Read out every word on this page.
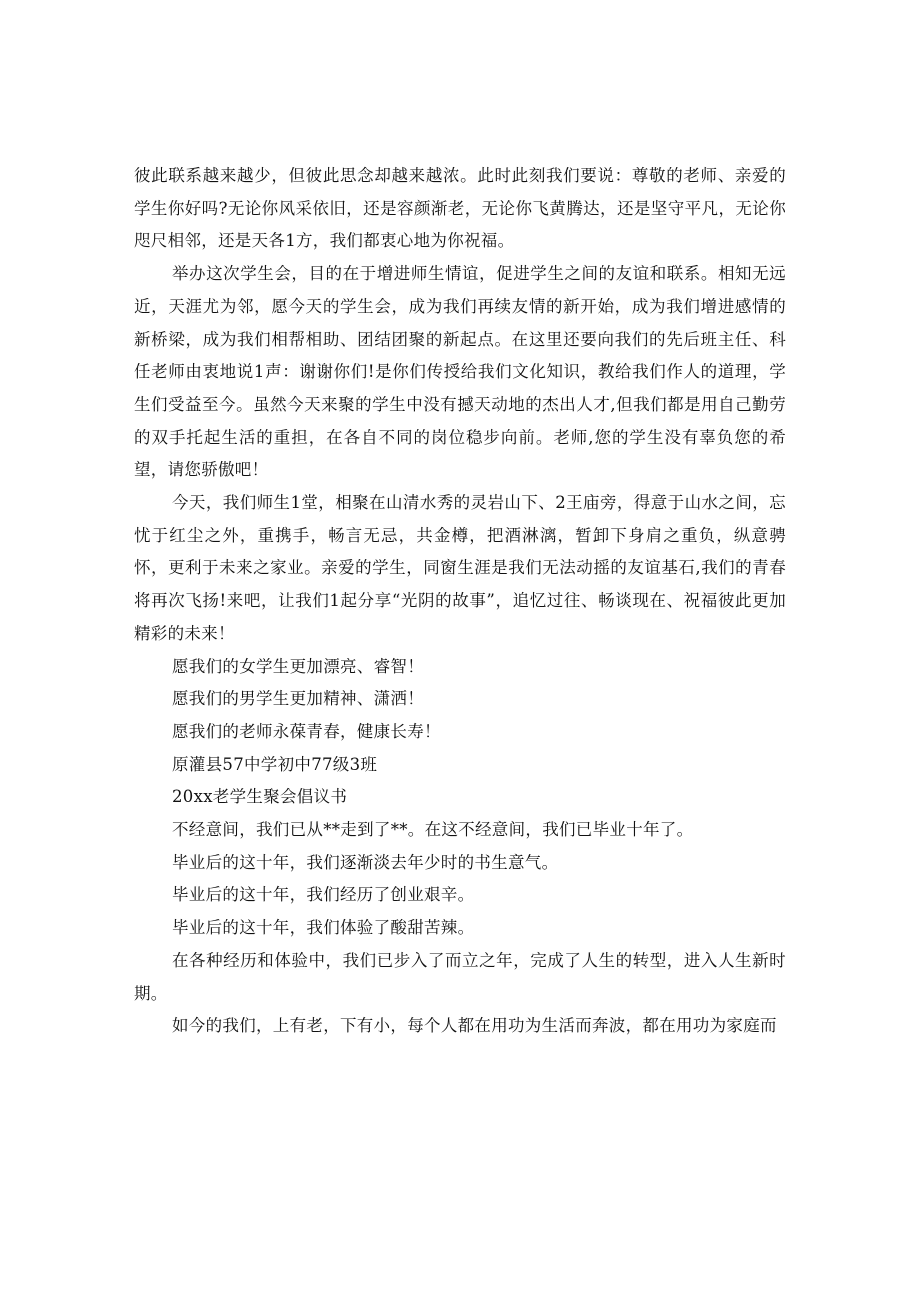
彼此联系越来越少，但彼此思念却越来越浓。此时此刻我们要说：尊敬的老师、亲爱的学生你好吗?无论你风采依旧，还是容颜渐老，无论你飞黄腾达，还是坚守平凡，无论你咫尺相邻，还是天各1方，我们都衷心地为你祝福。

举办这次学生会，目的在于增进师生情谊，促进学生之间的友谊和联系。相知无远近，天涯尤为邻，愿今天的学生会，成为我们再续友情的新开始，成为我们增进感情的新桥梁，成为我们相帮相助、团结团聚的新起点。在这里还要向我们的先后班主任、科任老师由衷地说1声：谢谢你们!是你们传授给我们文化知识，教给我们作人的道理，学生们受益至今。虽然今天来聚的学生中没有撼天动地的杰出人才,但我们都是用自己勤劳的双手托起生活的重担，在各自不同的岗位稳步向前。老师,您的学生没有辜负您的希望，请您骄傲吧！

今天，我们师生1堂，相聚在山清水秀的灵岩山下、2王庙旁，得意于山水之间，忘忧于红尘之外，重携手，畅言无忌，共金樽，把酒淋漓，暂卸下身肩之重负，纵意骋怀，更利于未来之家业。亲爱的学生，同窗生涯是我们无法动摇的友谊基石,我们的青春将再次飞扬!来吧，让我们1起分享“光阴的故事”，追忆过往、畅谈现在、祝福彼此更加精彩的未来！

愿我们的女学生更加漂亮、睿智！

愿我们的男学生更加精神、潇洒！

愿我们的老师永葆青春，健康长寿！

原灌县57中学初中77级3班

20xx老学生聚会倡议书

不经意间，我们已从**走到了**。在这不经意间，我们已毕业十年了。

毕业后的这十年，我们逐渐淡去年少时的书生意气。

毕业后的这十年，我们经历了创业艰辛。

毕业后的这十年，我们体验了酸甜苦辣。

在各种经历和体验中，我们已步入了而立之年，完成了人生的转型，进入人生新时期。

如今的我们，上有老，下有小，每个人都在用功为生活而奔波，都在用功为家庭而
